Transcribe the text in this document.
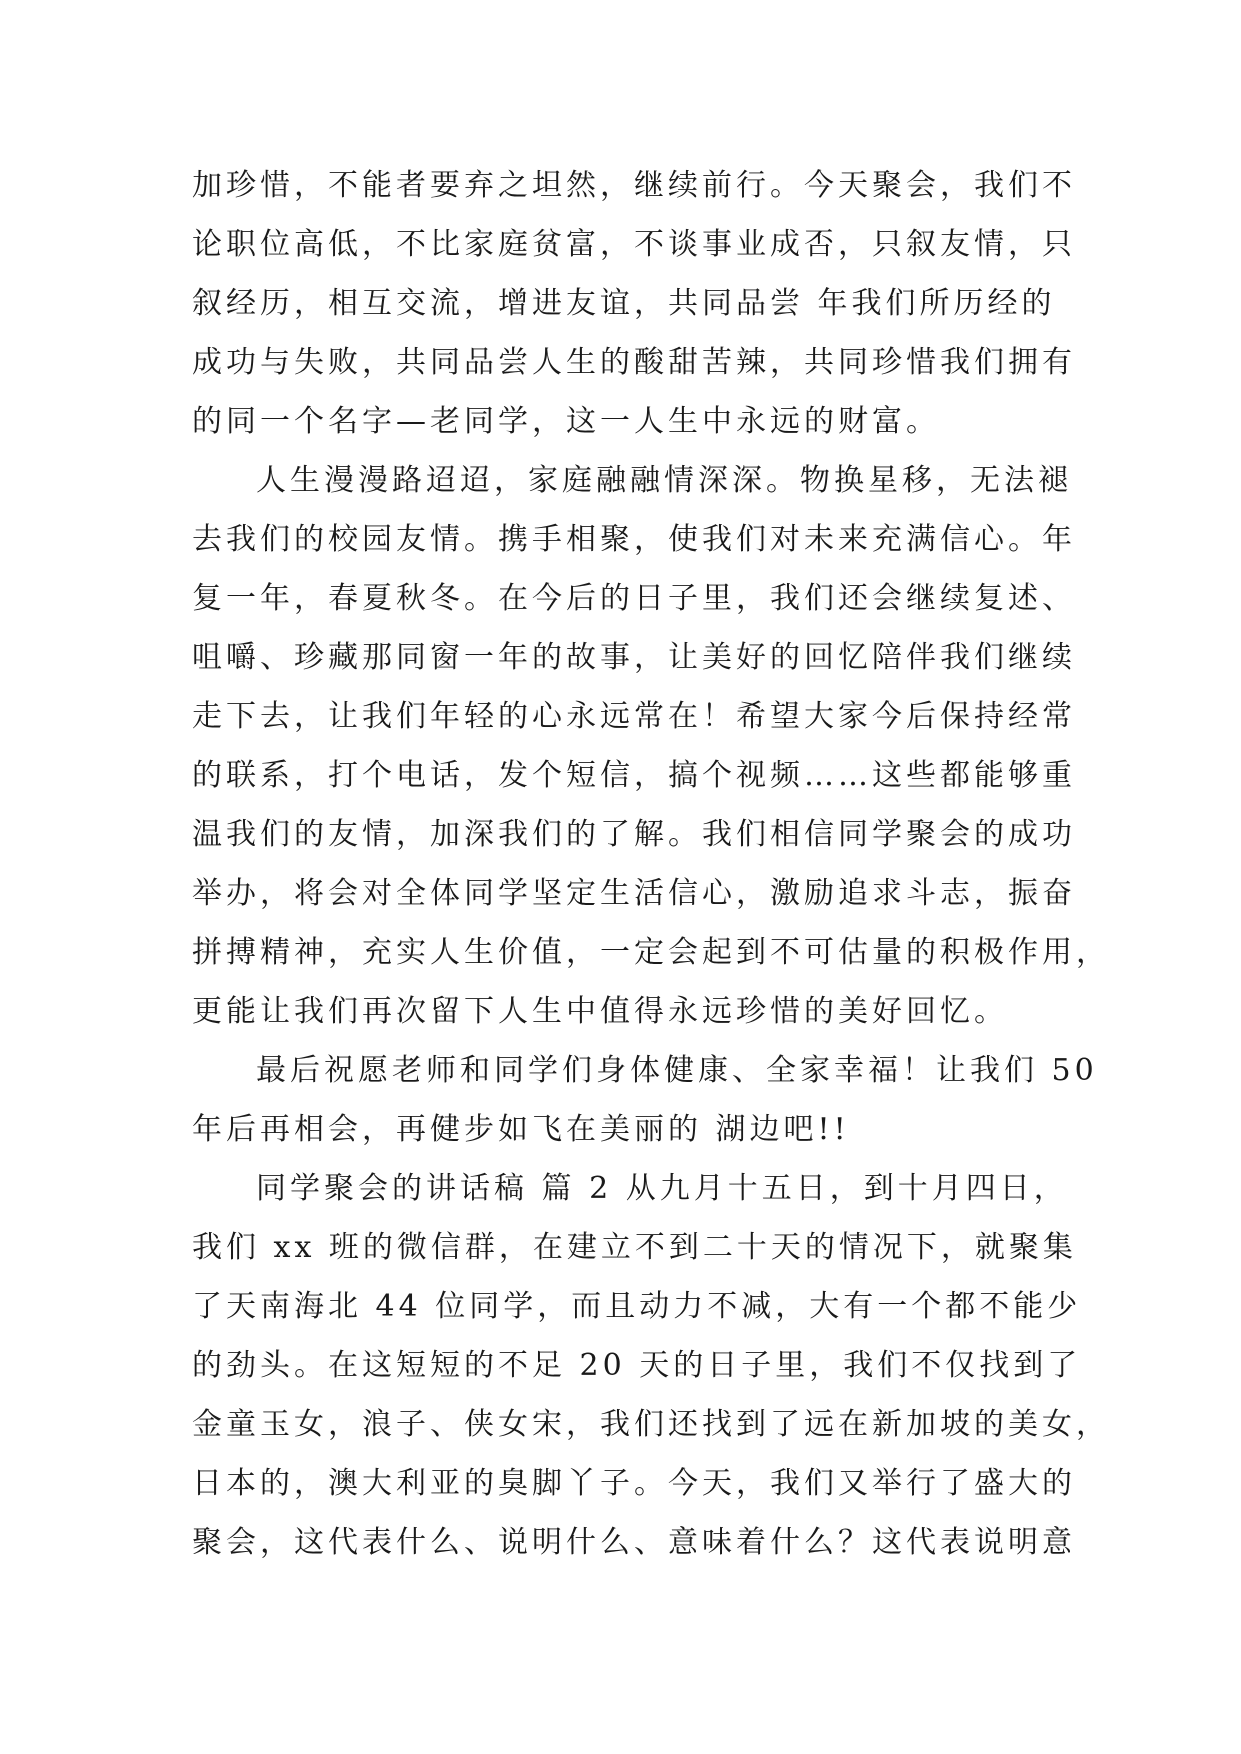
加珍惜，不能者要弃之坦然，继续前行。今天聚会，我们不
论职位高低，不比家庭贫富，不谈事业成否，只叙友情，只
叙经历，相互交流，增进友谊，共同品尝 年我们所历经的
成功与失败，共同品尝人生的酸甜苦辣，共同珍惜我们拥有
的同一个名字—老同学，这一人生中永远的财富。
人生漫漫路迢迢，家庭融融情深深。物换星移，无法褪
去我们的校园友情。携手相聚，使我们对未来充满信心。年
复一年，春夏秋冬。在今后的日子里，我们还会继续复述、
咀嚼、珍藏那同窗一年的故事，让美好的回忆陪伴我们继续
走下去，让我们年轻的心永远常在！希望大家今后保持经常
的联系，打个电话，发个短信，搞个视频……这些都能够重
温我们的友情，加深我们的了解。我们相信同学聚会的成功
举办，将会对全体同学坚定生活信心，激励追求斗志，振奋
拼搏精神，充实人生价值，一定会起到不可估量的积极作用，
更能让我们再次留下人生中值得永远珍惜的美好回忆。
最后祝愿老师和同学们身体健康、全家幸福！让我们 50
年后再相会，再健步如飞在美丽的 湖边吧!!
同学聚会的讲话稿 篇 2 从九月十五日，到十月四日，
我们 xx 班的微信群，在建立不到二十天的情况下，就聚集
了天南海北 44 位同学，而且动力不减，大有一个都不能少
的劲头。在这短短的不足 20 天的日子里，我们不仅找到了
金童玉女，浪子、侠女宋，我们还找到了远在新加坡的美女，
日本的，澳大利亚的臭脚丫子。今天，我们又举行了盛大的
聚会，这代表什么、说明什么、意味着什么？这代表说明意
